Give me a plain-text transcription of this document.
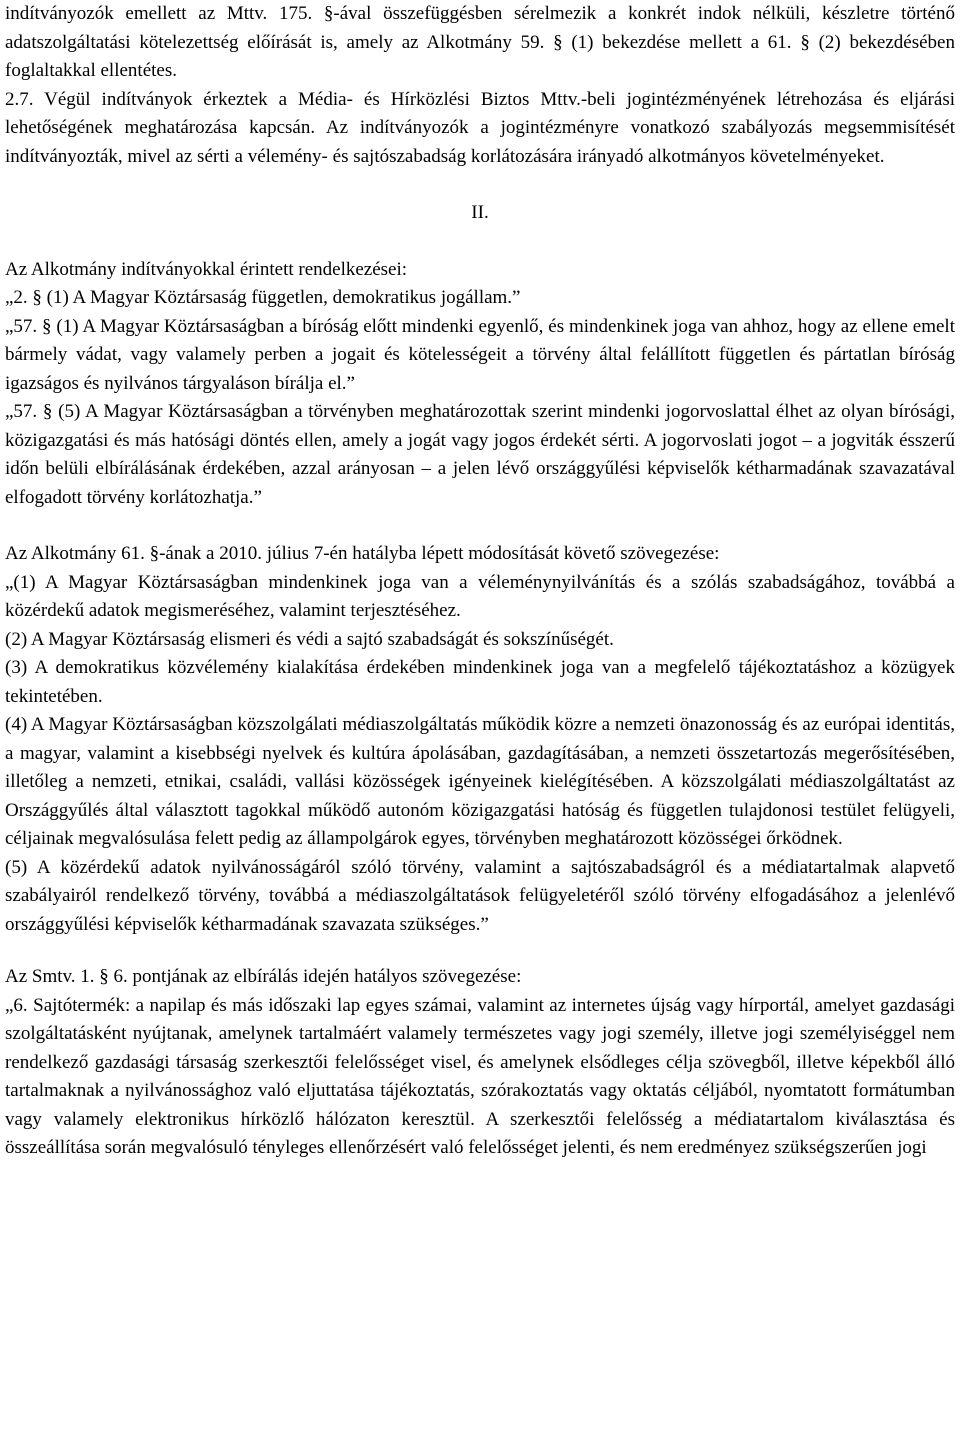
indítványozók emellett az Mttv. 175. §-ával összefüggésben sérelmezik a konkrét indok nélküli, készletre történő adatszolgáltatási kötelezettség előírását is, amely az Alkotmány 59. § (1) bekezdése mellett a 61. § (2) bekezdésében foglaltakkal ellentétes.

2.7. Végül indítványok érkeztek a Média- és Hírközlési Biztos Mttv.-beli jogintézményének létrehozása és eljárási lehetőségének meghatározása kapcsán. Az indítványozók a jogintézményre vonatkozó szabályozás megsemmisítését indítványozták, mivel az sérti a vélemény- és sajtószabadság korlátozására irányadó alkotmányos követelményeket.

II.

Az Alkotmány indítványokkal érintett rendelkezései:

„2. § (1) A Magyar Köztársaság független, demokratikus jogállam.”

„57. § (1) A Magyar Köztársaságban a bíróság előtt mindenki egyenlő, és mindenkinek joga van ahhoz, hogy az ellene emelt bármely vádat, vagy valamely perben a jogait és kötelességeit a törvény által felállított független és pártatlan bíróság igazságos és nyilvános tárgyaláson bírálja el.”

„57. § (5) A Magyar Köztársaságban a törvényben meghatározottak szerint mindenki jogorvoslattal élhet az olyan bírósági, közigazgatási és más hatósági döntés ellen, amely a jogát vagy jogos érdekét sérti. A jogorvoslati jogot – a jogviták ésszerű időn belüli elbírálásának érdekében, azzal arányosan – a jelen lévő országgyűlési képviselők kétharmadának szavazatával elfogadott törvény korlátozhatja.”

Az Alkotmány 61. §-ának a 2010. július 7-én hatályba lépett módosítását követő szövegezése:

„(1) A Magyar Köztársaságban mindenkinek joga van a véleménynyilvánítás és a szólás szabadságához, továbbá a közérdekű adatok megismeréséhez, valamint terjesztéséhez.

(2) A Magyar Köztársaság elismeri és védi a sajtó szabadságát és sokszínűségét.

(3) A demokratikus közvélemény kialakítása érdekében mindenkinek joga van a megfelelő tájékoztatáshoz a közügyek tekintetében.

(4) A Magyar Köztársaságban közszolgálati médiaszolgáltatás működik közre a nemzeti önazonosság és az európai identitás, a magyar, valamint a kisebbségi nyelvek és kultúra ápolásában, gazdagításában, a nemzeti összetartozás megerősítésében, illetőleg a nemzeti, etnikai, családi, vallási közösségek igényeinek kielégítésében. A közszolgálati médiaszolgáltatást az Országgyűlés által választott tagokkal működő autonóm közigazgatási hatóság és független tulajdonosi testület felügyeli, céljainak megvalósulása felett pedig az állampolgárok egyes, törvényben meghatározott közösségei őrködnek.

(5) A közérdekű adatok nyilvánosságáról szóló törvény, valamint a sajtószabadságról és a médiatartalmak alapvető szabályairól rendelkező törvény, továbbá a médiaszolgáltatások felügyeletéről szóló törvény elfogadásához a jelenlévő országgyűlési képviselők kétharmadának szavazata szükséges.”

Az Smtv. 1. § 6. pontjának az elbírálás idején hatályos szövegezése:

„6. Sajtótermék: a napilap és más időszaki lap egyes számai, valamint az internetes újság vagy hírportál, amelyet gazdasági szolgáltatásként nyújtanak, amelynek tartalmáért valamely természetes vagy jogi személy, illetve jogi személyiséggel nem rendelkező gazdasági társaság szerkesztői felelősséget visel, és amelynek elsődleges célja szövegből, illetve képekből álló tartalmaknak a nyilvánossághoz való eljuttatása tájékoztatás, szórakoztatás vagy oktatás céljából, nyomtatott formátumban vagy valamely elektronikus hírközlő hálózaton keresztül. A szerkesztői felelősség a médiatartalom kiválasztása és összeállítása során megvalósuló tényleges ellenőrzésért való felelősséget jelenti, és nem eredményez szükségszerűen jogi
